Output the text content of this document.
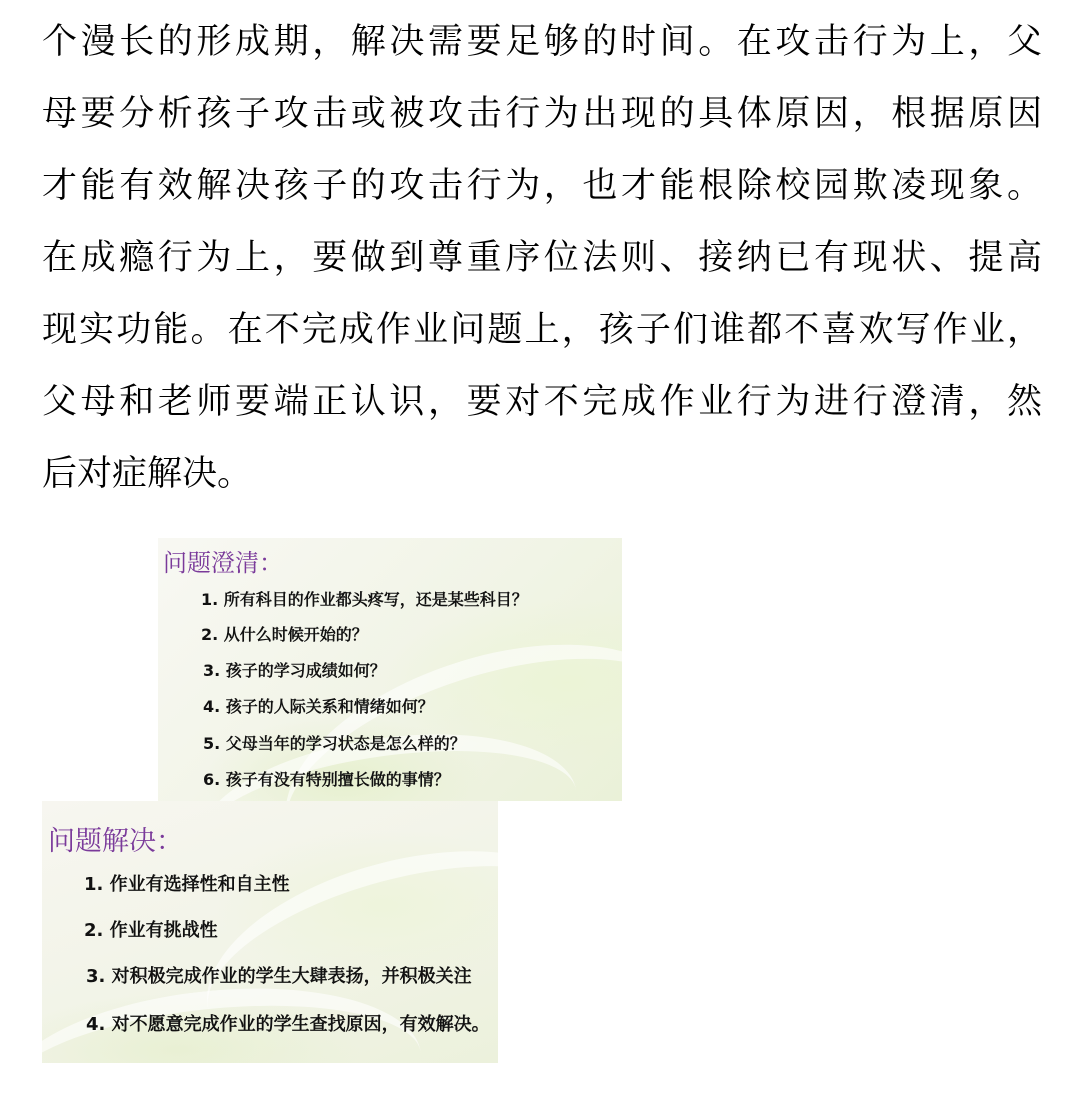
个漫长的形成期，解决需要足够的时间。在攻击行为上，父
母要分析孩子攻击或被攻击行为出现的具体原因，根据原因
才能有效解决孩子的攻击行为，也才能根除校园欺凌现象。
在成瘾行为上，要做到尊重序位法则、接纳已有现状、提高
现实功能。在不完成作业问题上，孩子们谁都不喜欢写作业，
父母和老师要端正认识，要对不完成作业行为进行澄清，然
后对症解决。
问题澄清：
1. 所有科目的作业都头疼写，还是某些科目？
2. 从什么时候开始的？
3. 孩子的学习成绩如何？
4. 孩子的人际关系和情绪如何？
5. 父母当年的学习状态是怎么样的？
6. 孩子有没有特别擅长做的事情？
问题解决：
1. 作业有选择性和自主性
2. 作业有挑战性
3. 对积极完成作业的学生大肆表扬，并积极关注
4. 对不愿意完成作业的学生查找原因，有效解决。
